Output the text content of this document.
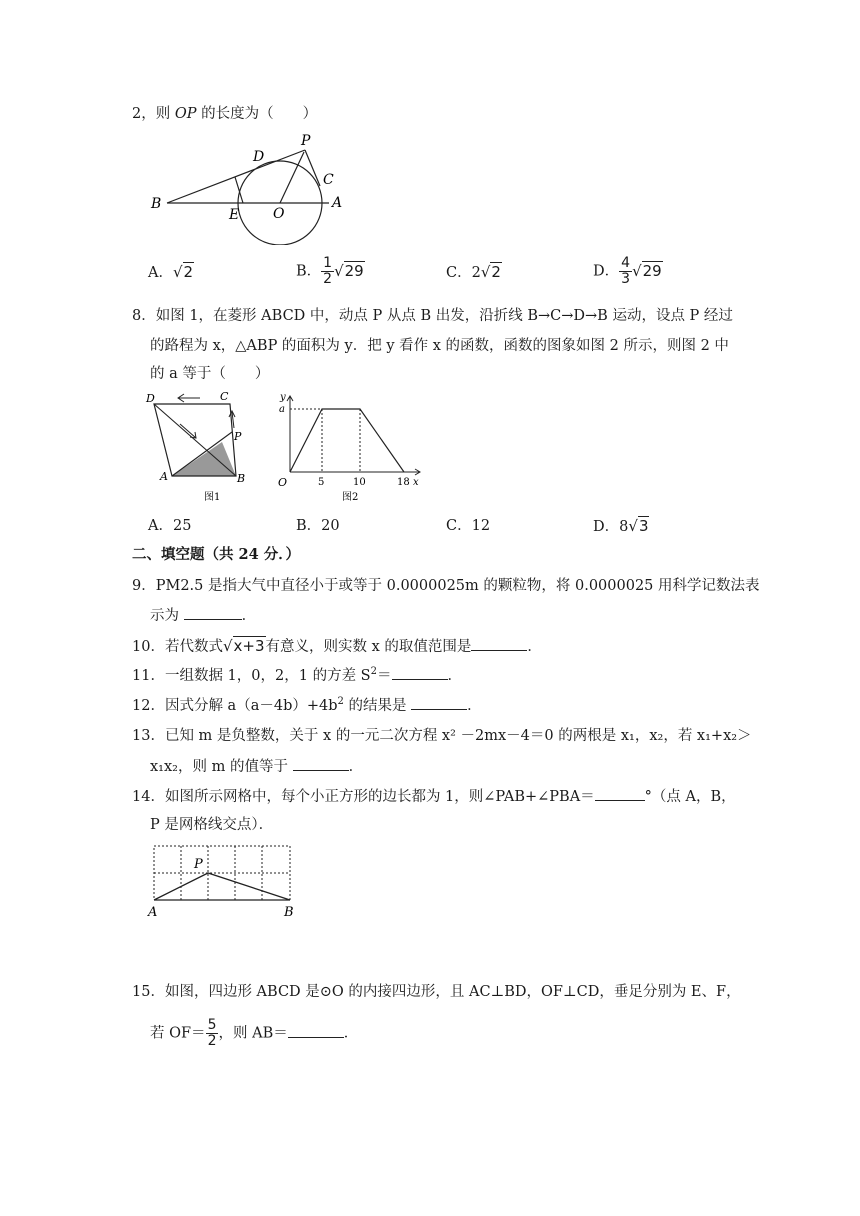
2，则 OP 的长度为（　　）
B
D
P
C
A
E O
A．√2	B． $\frac{1}{2} √29$	C．2√2	D． $\frac{4}{3} √29$
8．如图 1，在菱形 ABCD 中，动点 P 从点 B 出发，沿折线 B→C→D→B 运动，设点 P 经过
的路程为 x，△ABP 的面积为 y．把 y 看作 x 的函数，函数的图象如图 2 所示，则图 2 中
的 a 等于（　　）
D	C
P
A	B
图1
y
a
O	5	10	18 x
图2
A．25	B．20	C．12	D．8√3
二、填空题（共 24 分．）
9．PM2.5 是指大气中直径小于或等于 0.0000025m 的颗粒物，将 0.0000025 用科学记数法表
示为	．
10．若代数式√x+3有意义，则实数 x 的取值范围是	．
11．一组数据 1，0，2，1 的方差 $S^2=$	．
12．因式分解 $a(a-4b)+4b^2$ 的结果是	．
13．已知 m 是负整数，关于 x 的一元二次方程 x² －2mx－4＝0 的两根是 x₁，x₂，若 x₁+x₂＞
x₁x₂，则 m 的值等于	．
14．如图所示网格中，每个小正方形的边长都为 1，则∠PAB+∠PBA＝	°（点 A，B，
P 是网格线交点）．
P
A	B
15．如图，四边形 ABCD 是⊙O 的内接四边形，且 AC⊥BD，OF⊥CD，垂足分别为 E、F，
若 $OF= \frac{5}{2}$ ，则 AB＝	．
